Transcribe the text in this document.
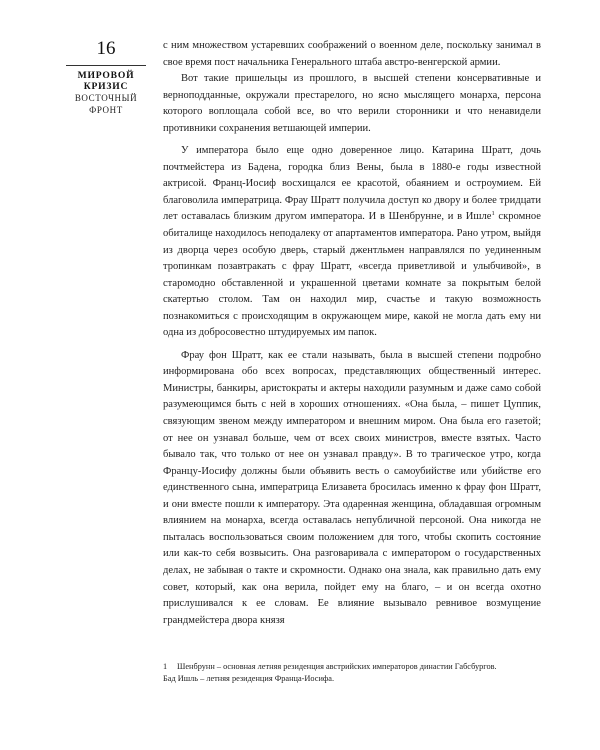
16
МИРОВОЙ
КРИЗИС
ВОСТОЧНЫЙ
ФРОНТ

с ним множеством устаревших соображений о военном деле, поскольку занимал в свое время пост начальника Генерального штаба австро-венгерской армии.

Вот такие пришельцы из прошлого, в высшей степени консервативные и верноподданные, окружали престарелого, но ясно мыслящего монарха, персона которого воплощала собой все, во что верили сторонники и что ненавидели противники сохранения ветшающей империи.

У императора было еще одно доверенное лицо. Катарина Шратт, дочь почтмейстера из Бадена, городка близ Вены, была в 1880-е годы известной актрисой. Франц-Иосиф восхищался ее красотой, обаянием и остроумием. Ей благоволила императрица. Фрау Шратт получила доступ ко двору и более тридцати лет оставалась близким другом императора. И в Шенбрунне, и в Ишле$^1$ скромное обиталище находилось неподалеку от апартаментов императора. Рано утром, выйдя из дворца через особую дверь, старый джентльмен направлялся по уединенным тропинкам позавтракать с фрау Шратт, «всегда приветливой и улыбчивой», в старомодно обставленной и украшенной цветами комнате за покрытым белой скатертью столом. Там он находил мир, счастье и такую возможность познакомиться с происходящим в окружающем мире, какой не могла дать ему ни одна из добросовестно штудируемых им папок.

Фрау фон Шратт, как ее стали называть, была в высшей степени подробно информирована обо всех вопросах, представляющих общественный интерес. Министры, банкиры, аристократы и актеры находили разумным и даже само собой разумеющимся быть с ней в хороших отношениях. «Она была, – пишет Цуппик, связующим звеном между императором и внешним миром. Она была его газетой; от нее он узнавал больше, чем от всех своих министров, вместе взятых. Часто бывало так, что только от нее он узнавал правду». В то трагическое утро, когда Францу-Иосифу должны были объявить весть о самоубийстве или убийстве его единственного сына, императрица Елизавета бросилась именно к фрау фон Шратт, и они вместе пошли к императору. Эта одаренная женщина, обладавшая огромным влиянием на монарха, всегда оставалась непубличной персоной. Она никогда не пыталась воспользоваться своим положением для того, чтобы скопить состояние или как-то себя возвысить. Она разговаривала с императором о государственных делах, не забывая о такте и скромности. Однако она знала, как правильно дать ему совет, который, как она верила, пойдет ему на благо, – и он всегда охотно прислушивался к ее словам. Ее влияние вызывало ревнивое возмущение грандмейстера двора князя

1 Шенбрунн – основная летняя резиденция австрийских императоров династии Габсбургов.

Бад Ишль – летняя резиденция Франца-Иосифа.
